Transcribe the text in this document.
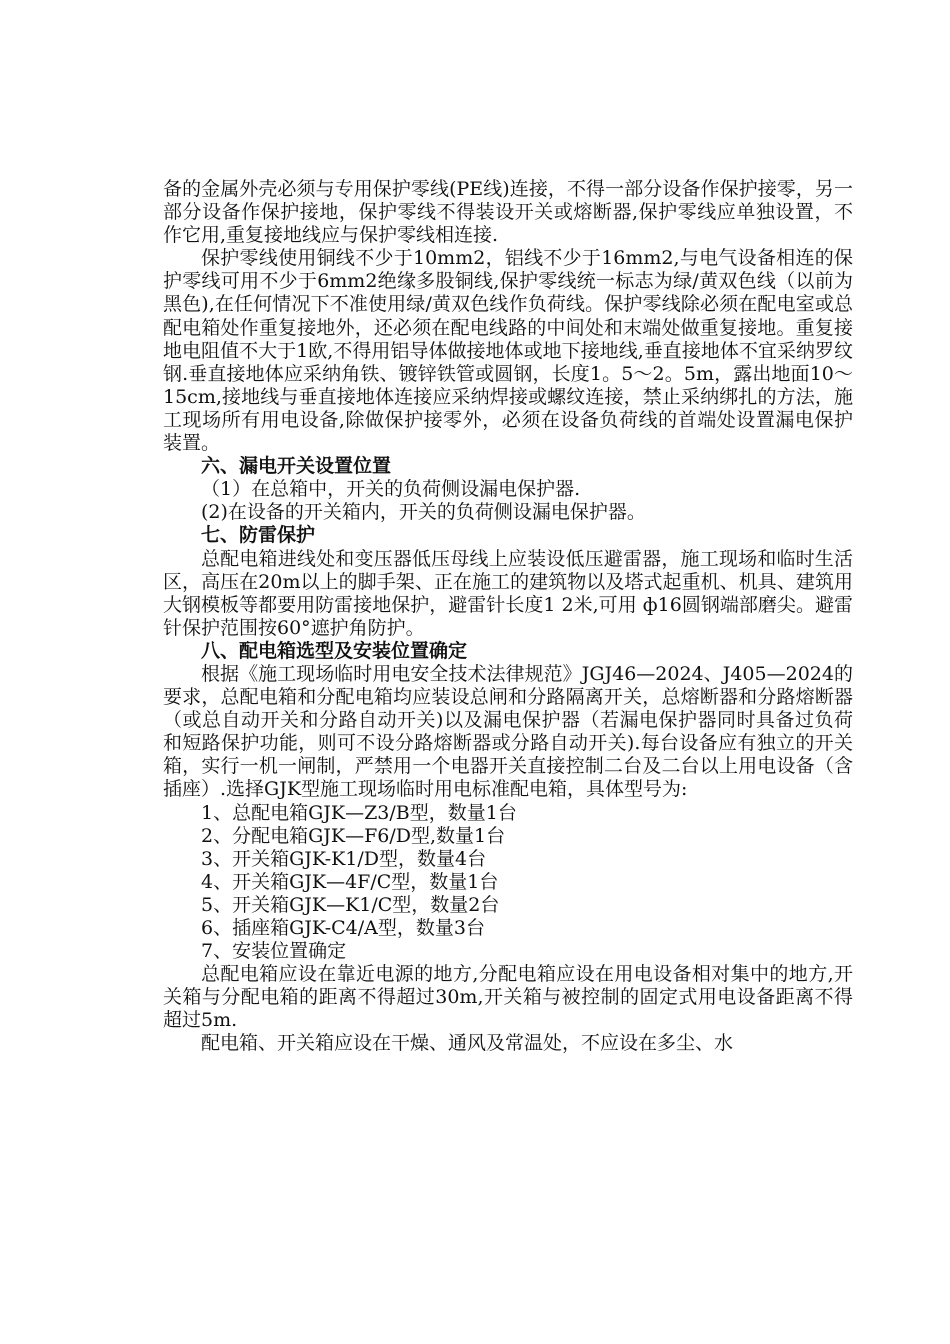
备的金属外壳必须与专用保护零线(PE线)连接，不得一部分设备作保护接零，另一部分设备作保护接地，保护零线不得装设开关或熔断器,保护零线应单独设置，不作它用,重复接地线应与保护零线相连接.

保护零线使用铜线不少于10mm2，铝线不少于16mm2,与电气设备相连的保护零线可用不少于6mm2绝缘多股铜线,保护零线统一标志为绿/黄双色线（以前为黑色),在任何情况下不准使用绿/黄双色线作负荷线。保护零线除必须在配电室或总配电箱处作重复接地外，还必须在配电线路的中间处和末端处做重复接地。重复接地电阻值不大于1欧,不得用铝导体做接地体或地下接地线,垂直接地体不宜采纳罗纹钢.垂直接地体应采纳角铁、镀锌铁管或圆钢，长度1。5～2。5m，露出地面10～15cm,接地线与垂直接地体连接应采纳焊接或螺纹连接，禁止采纳绑扎的方法，施工现场所有用电设备,除做保护接零外，必须在设备负荷线的首端处设置漏电保护装置。

六、漏电开关设置位置

（1）在总箱中，开关的负荷侧设漏电保护器.

(2)在设备的开关箱内，开关的负荷侧设漏电保护器。

七、防雷保护

总配电箱进线处和变压器低压母线上应装设低压避雷器，施工现场和临时生活区，高压在20m以上的脚手架、正在施工的建筑物以及塔式起重机、机具、建筑用大钢模板等都要用防雷接地保护，避雷针长度1 2米,可用 ф16圆钢端部磨尖。避雷针保护范围按60°遮护角防护。

八、配电箱选型及安装位置确定

根据《施工现场临时用电安全技术法律规范》JGJ46—2024、J405—2024的要求，总配电箱和分配电箱均应装设总闸和分路隔离开关，总熔断器和分路熔断器（或总自动开关和分路自动开关)以及漏电保护器（若漏电保护器同时具备过负荷和短路保护功能，则可不设分路熔断器或分路自动开关).每台设备应有独立的开关箱，实行一机一闸制，严禁用一个电器开关直接控制二台及二台以上用电设备（含插座）.选择GJK型施工现场临时用电标准配电箱，具体型号为:

1、总配电箱GJK—Z3/B型，数量1台

2、分配电箱GJK—F6/D型,数量1台

3、开关箱GJK-K1/D型，数量4台

4、开关箱GJK—4F/C型，数量1台

5、开关箱GJK—K1/C型，数量2台

6、插座箱GJK-C4/A型，数量3台

7、安装位置确定

总配电箱应设在靠近电源的地方,分配电箱应设在用电设备相对集中的地方,开关箱与分配电箱的距离不得超过30m,开关箱与被控制的固定式用电设备距离不得超过5m.

配电箱、开关箱应设在干燥、通风及常温处，不应设在多尘、水
